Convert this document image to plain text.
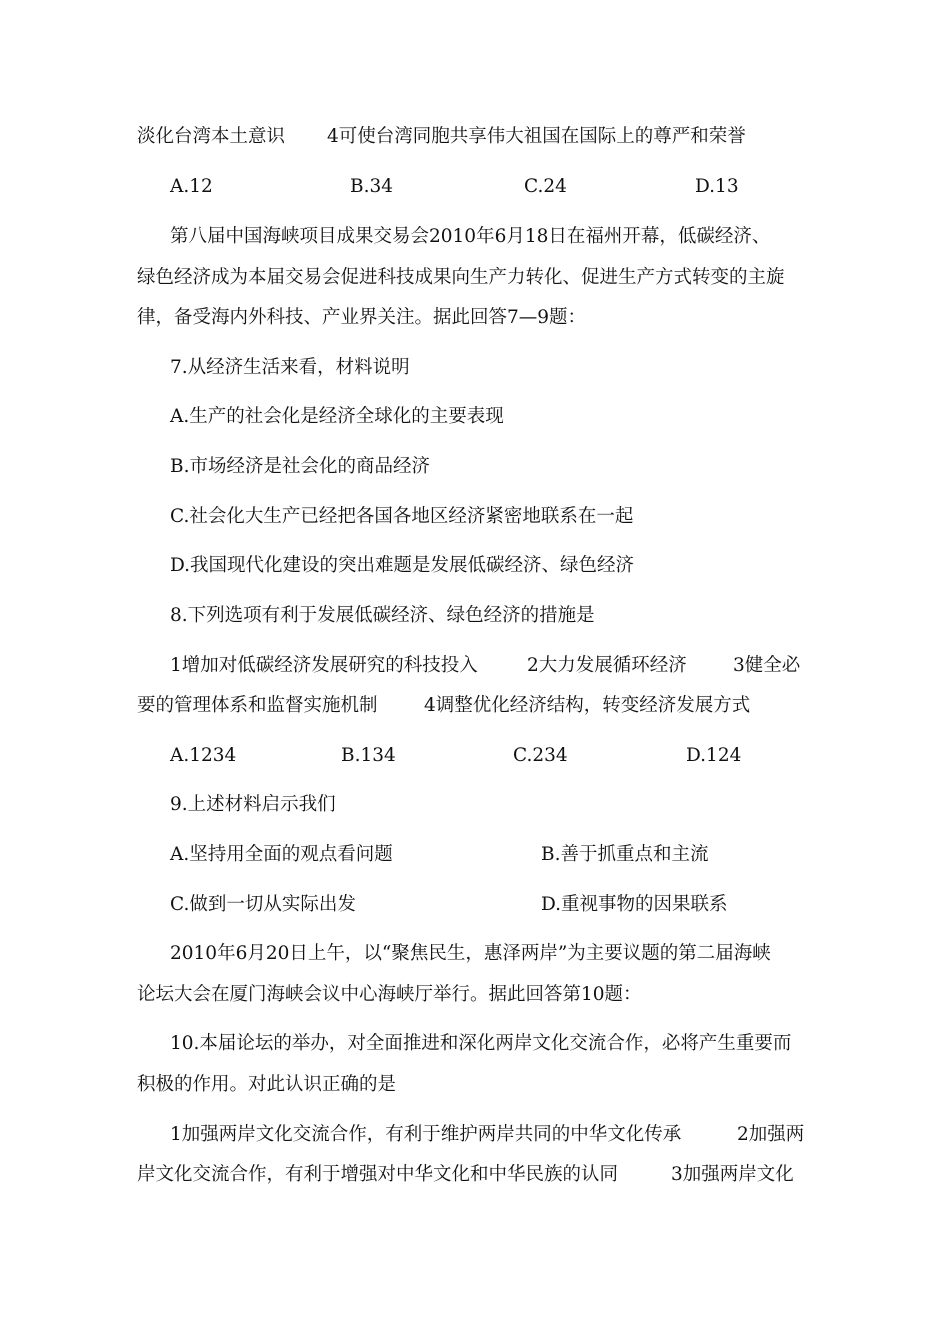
淡化台湾本土意识 4可使台湾同胞共享伟大祖国在国际上的尊严和荣誉
A.12	B.34	C.24	D.13
第八届中国海峡项目成果交易会2010年6月18日在福州开幕，低碳经济、
绿色经济成为本届交易会促进科技成果向生产力转化、促进生产方式转变的主旋
律，备受海内外科技、产业界关注。据此回答7—9题：
7.从经济生活来看，材料说明
A.生产的社会化是经济全球化的主要表现
B.市场经济是社会化的商品经济
C.社会化大生产已经把各国各地区经济紧密地联系在一起
D.我国现代化建设的突出难题是发展低碳经济、绿色经济
8.下列选项有利于发展低碳经济、绿色经济的措施是
1增加对低碳经济发展研究的科技投入	2大力发展循环经济 3健全必
要的管理体系和监督实施机制	4调整优化经济结构，转变经济发展方式
A.1234	B.134	C.234	D.124
9.上述材料启示我们
A.坚持用全面的观点看问题	B.善于抓重点和主流
C.做到一切从实际出发	D.重视事物的因果联系
2010年6月20日上午，以“聚焦民生，惠泽两岸”为主要议题的第二届海峡
论坛大会在厦门海峡会议中心海峡厅举行。据此回答第10题：
10.本届论坛的举办，对全面推进和深化两岸文化交流合作，必将产生重要而
积极的作用。对此认识正确的是
1加强两岸文化交流合作，有利于维护两岸共同的中华文化传承	2加强两
岸文化交流合作，有利于增强对中华文化和中华民族的认同	3加强两岸文化
